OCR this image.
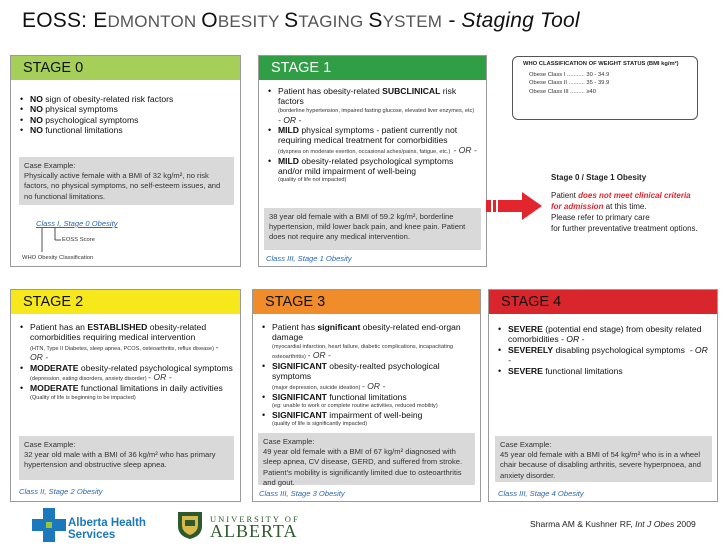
EOSS: EDMONTON OBESITY STAGING SYSTEM - Staging Tool
STAGE 0
• NO sign of obesity-related risk factors
• NO physical symptoms
• NO psychological symptoms
• NO functional limitations
Case Example:
Physically active female with a BMI of 32 kg/m², no risk factors, no physical symptoms, no self-esteem issues, and no functional limitations.
Class I, Stage 0 Obesity
EOSS Score
WHO Obesity Classification
STAGE 1
• Patient has obesity-related SUBCLINICAL risk factors
(borderline hypertension, impaired fasting glucose, elevated liver enzymes, etc)
- OR -
• MILD physical symptoms - patient currently not requiring medical treatment for comorbidities
(dyspnea on moderate exertion, occasional aches/pains, fatigue, etc.) - OR -
• MILD obesity-related psychological symptoms and/or mild impairment of well-being
(quality of life not impacted)
38 year old female with a BMI of 59.2 kg/m², borderline hypertension, mild lower back pain, and knee pain. Patient does not require any medical intervention.
Class III, Stage 1 Obesity
WHO CLASSIFICATION OF WEIGHT STATUS (BMI kg/m²)
Obese Class I ........... 30 - 34.9
Obese Class II .......... 35 - 39.9
Obese Class III ......... ≥40
Stage 0 / Stage 1 Obesity
Patient does not meet clinical criteria
for admission at this time.
Please refer to primary care
for further preventative treatment options.
STAGE 2
• Patient has an ESTABLISHED obesity-related comorbidities requiring medical intervention
(HTN, Type II Diabetes, sleep apnea, PCOS, osteoarthritis, reflux disease) - OR -
• MODERATE obesity-related psychological symptoms
(depression, eating disorders, anxiety disorder) - OR -
• MODERATE functional limitations in daily activities
(Quality of life is beginning to be impacted)
Case Example:
32 year old male with a BMI of 36 kg/m² who has primary hypertension and obstructive sleep apnea.
Class II, Stage 2 Obesity
STAGE 3
• Patient has significant obesity-related end-organ damage
(myocardial infarction, heart failure, diabetic complications, incapacitating osteoarthritis) - OR -
• SIGNIFICANT obesity-realted psychological symptoms
(major depression, suicide ideation) - OR -
• SIGNIFICANT functional limitations
(eg: unable to work or complete routine activities, reduced mobility)
• SIGNIFICANT impairment of well-being
(quality of life is significantly impacted)
Case Example:
49 year old female with a BMI of 67 kg/m² diagnosed with sleep apnea, CV disease, GERD, and suffered from stroke. Patient's mobility is significantly limited due to osteoarthritis and gout.
Class III, Stage 3 Obesity
STAGE 4
• SEVERE (potential end stage) from obesity related comorbidities - OR -
• SEVERELY disabling psychological symptoms - OR -
• SEVERE functional limitations
Case Example:
45 year old female with a BMI of 54 kg/m² who is in a wheel chair because of disabling arthritis, severe hyperpnoea, and anxiety disorder.
Class III, Stage 4 Obesity
Alberta Health
Services
UNIVERSITY OF
ALBERTA	Sharma AM & Kushner RF, Int J Obes 2009
